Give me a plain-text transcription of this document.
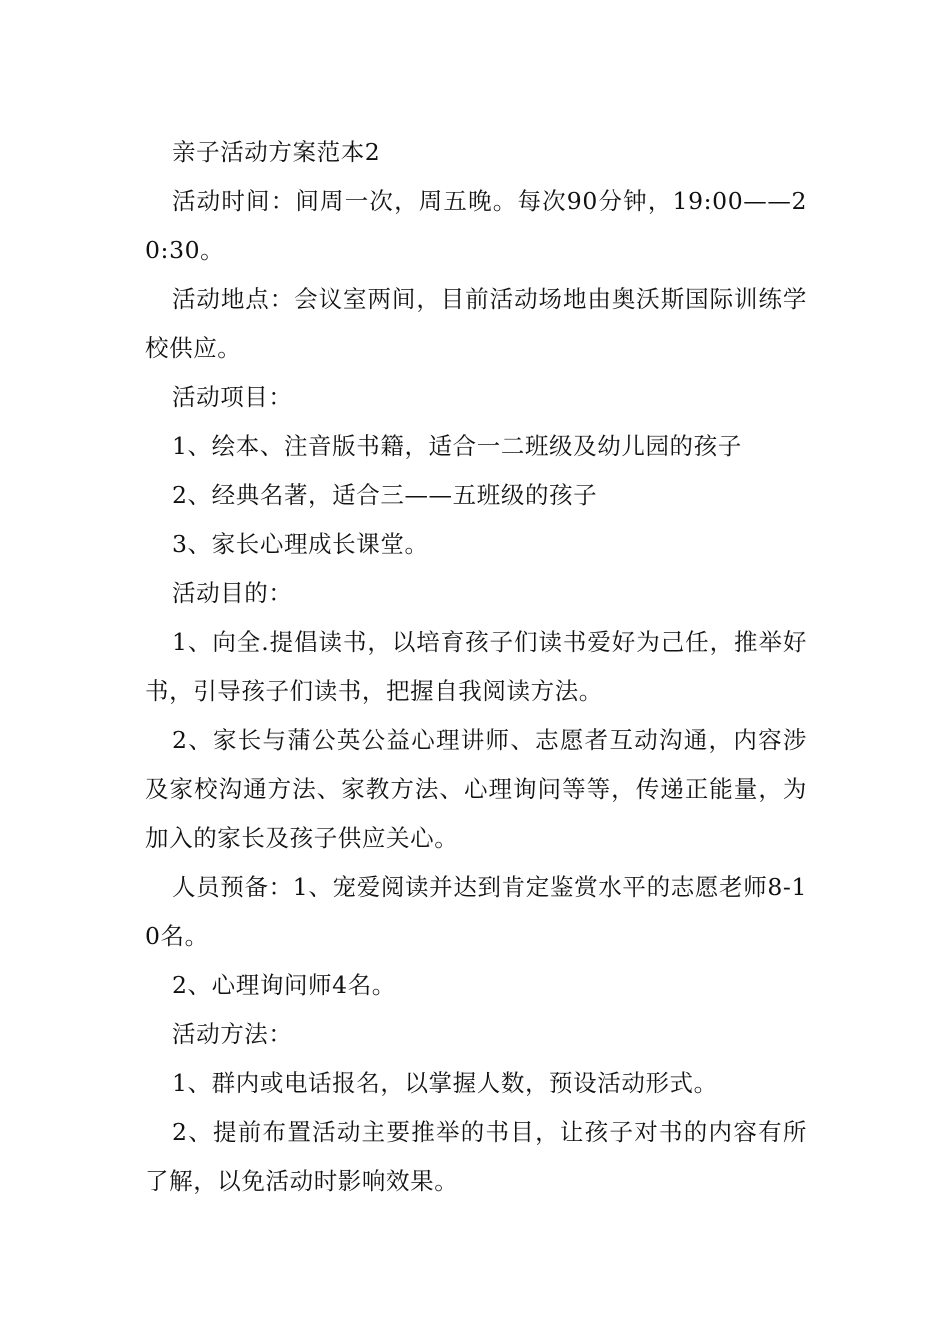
亲子活动方案范本2

活动时间：间周一次，周五晚。每次90分钟，19:00——20:30。

活动地点：会议室两间，目前活动场地由奥沃斯国际训练学校供应。

活动项目：

1、绘本、注音版书籍，适合一二班级及幼儿园的孩子

2、经典名著，适合三——五班级的孩子

3、家长心理成长课堂。

活动目的：

1、向全.提倡读书，以培育孩子们读书爱好为己任，推举好书，引导孩子们读书，把握自我阅读方法。

2、家长与蒲公英公益心理讲师、志愿者互动沟通，内容涉及家校沟通方法、家教方法、心理询问等等，传递正能量，为加入的家长及孩子供应关心。

人员预备：1、宠爱阅读并达到肯定鉴赏水平的志愿老师8-10名。

2、心理询问师4名。

活动方法：

1、群内或电话报名，以掌握人数，预设活动形式。

2、提前布置活动主要推举的书目，让孩子对书的内容有所了解，以免活动时影响效果。
